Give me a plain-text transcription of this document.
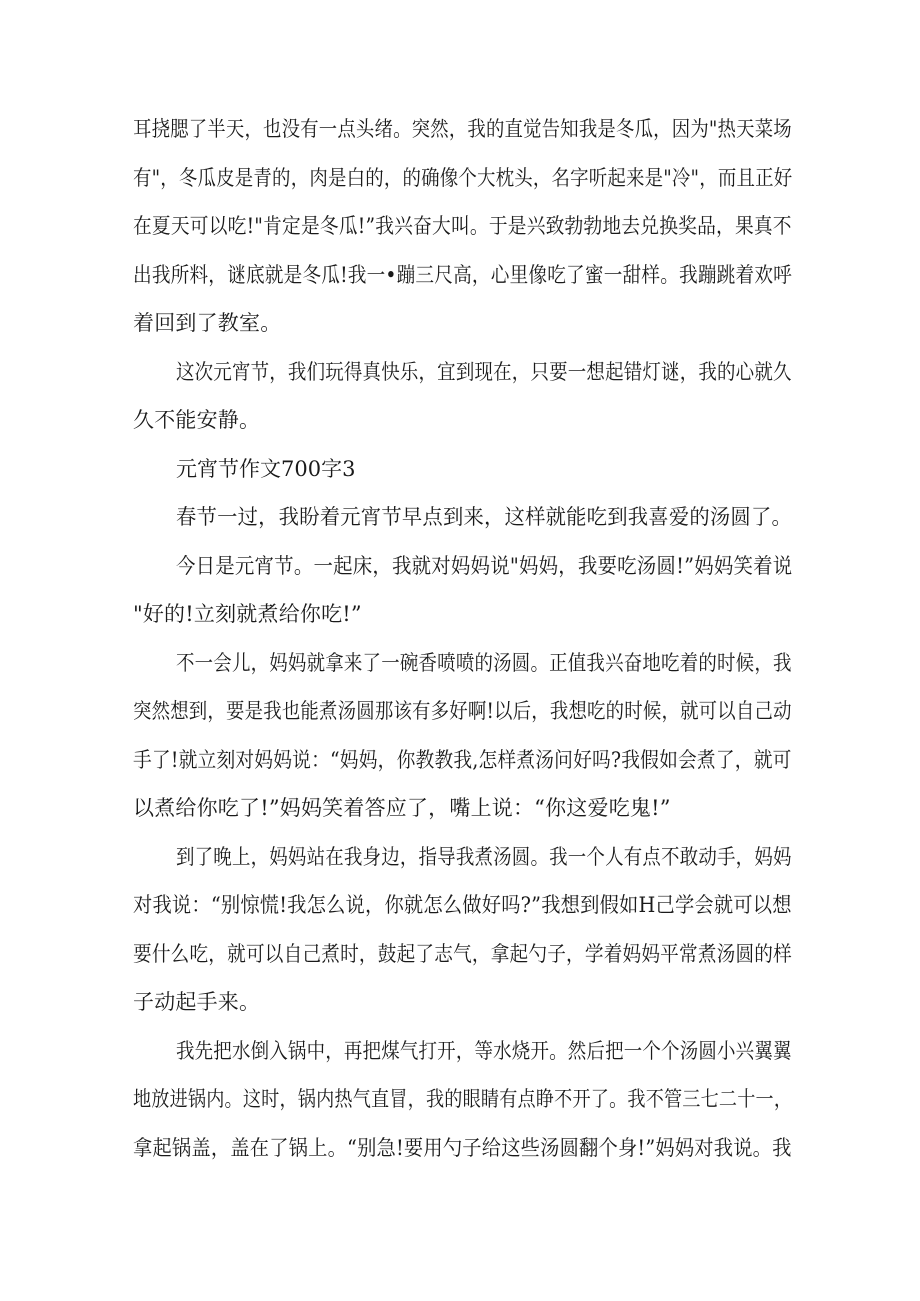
耳挠腮了半天，也没有一点头绪。突然，我的直觉告知我是冬瓜，因为"热天菜场
有"，冬瓜皮是青的，肉是白的，的确像个大枕头，名字听起来是"冷"，而且正好
在夏天可以吃!"肯定是冬瓜!”我兴奋大叫。于是兴致勃勃地去兑换奖品，果真不
出我所料，谜底就是冬瓜!我一•蹦三尺高，心里像吃了蜜一甜样。我蹦跳着欢呼
着回到了教室。
这次元宵节，我们玩得真快乐，宜到现在，只要一想起错灯谜，我的心就久
久不能安静。
元宵节作文700字3
春节一过，我盼着元宵节早点到来，这样就能吃到我喜爱的汤圆了。
今日是元宵节。一起床，我就对妈妈说"妈妈，我要吃汤圆!”妈妈笑着说
"好的!立刻就煮给你吃!”
不一会儿，妈妈就拿来了一碗香喷喷的汤圆。正值我兴奋地吃着的时候，我
突然想到，要是我也能煮汤圆那该有多好啊!以后，我想吃的时候，就可以自己动
手了!就立刻对妈妈说：“妈妈，你教教我,怎样煮汤问好吗?我假如会煮了，就可
以煮给你吃了!”妈妈笑着答应了，嘴上说：“你这爱吃鬼!”
到了晚上，妈妈站在我身边，指导我煮汤圆。我一个人有点不敢动手，妈妈
对我说：“别惊慌!我怎么说，你就怎么做好吗?”我想到假如H己学会就可以想
要什么吃，就可以自己煮时，鼓起了志气，拿起勺子，学着妈妈平常煮汤圆的样
子动起手来。
我先把水倒入锅中，再把煤气打开，等水烧开。然后把一个个汤圆小兴翼翼
地放进锅内。这时，锅内热气直冒，我的眼睛有点睁不开了。我不管三七二十一，
拿起锅盖，盖在了锅上。“别急!要用勺子给这些汤圆翻个身!”妈妈对我说。我
